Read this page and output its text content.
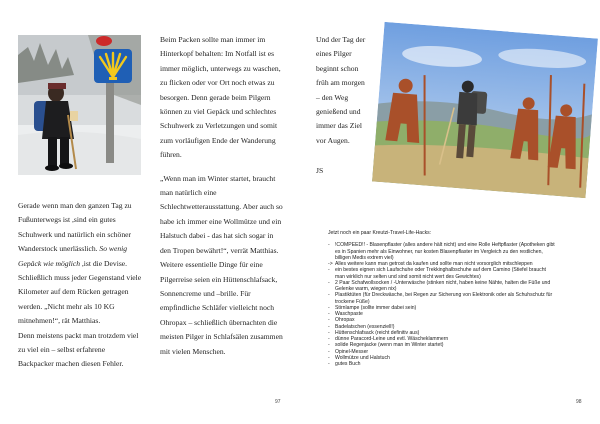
Gerade wenn man den ganzen Tag zu

Fußunterwegs ist ,sind ein gutes

Schuhwerk und natürlich ein schöner

Wanderstock unerlässlich. So wenig

Gepäck wie möglich ,ist die Devise.

Schließlich muss jeder Gegenstand viele

Kilometer auf dem Rücken getragen

werden. „Nicht mehr als 10 KG

mitnehmen!“, rät Matthias.

Denn meistens packt man trotzdem viel

zu viel ein – selbst erfahrene

Backpacker machen diesen Fehler.

97

Beim Packen sollte man immer im

Hinterkopf behalten: Im Notfall ist es

immer möglich, unterwegs zu waschen,

zu flicken oder vor Ort noch etwas zu

besorgen. Denn gerade beim Pilgern

können zu viel Gepäck und schlechtes

Schuhwerk zu Verletzungen und somit

zum vorläufigen Ende der Wanderung

führen.

„Wenn man im Winter startet, braucht

man natürlich eine

Schlechtwetterausstattung. Aber auch so

habe ich immer eine Wollmütze und ein

Halstuch dabei - das hat sich sogar in

den Tropen bewährt!“, verrät Matthias.

Weitere essentielle Dinge für eine

Pilgerreise seien ein Hüttenschlafsack,

Sonnencreme und –brille. Für

empfindliche Schläfer vielleicht noch

Ohropax – schließlich übernachten die

meisten Pilger in Schlafsälen zusammen

mit vielen Menschen.

Und der Tag der

eines Pilger

beginnt schon

früh am morgen

– den Weg

genießend und

immer das Ziel

vor Augen.

JS

Jetzt noch ein paar Kreutzi-Travel-Life-Hacks:
- !COMPEED!! - Blasenpflaster (alles andere hält nicht) und eine Rolle Heftpflaster (Apotheken gibt
es in Spanien mehr als Einwohner, nur kosten Blasenpflaster im Vergleich zu den restlichen,
billigen Medis extrem viel)
-> Alles weitere kann man getrost da kaufen und sollte man nicht vorsorglich mitschleppen
- ein bestes eignen sich Laufschuhe oder Trekkinghalbschuhe auf dem Camino (Stiefel braucht
man wirklich nur selten und sind somit nicht wert des Gewichtes)
- 2 Paar Schafwollsocken / -Unterwäsche (stinken nicht, haben keine Nähte, halten die Füße und
Gelenke warm, wiegen nix)
- Plastiktüten (für Dreckwäsche, bei Regen zur Sicherung von Elektronik oder als Schuhschutz für
trockene Füße)
- Stirnlampe (sollte immer dabei sein)
- Waschpaste
- Ohropax
- Badelatschen (essenziell!)
- Hüttenschlafsack (reicht definitiv aus)
- dünne Paracord-Leine und evtl. Wäscheklammern
- solide Regenjacke (wenn man im Winter startet)
- Opinel-Messer
- Wollmütze und Halstuch
- gutes Buch
98
